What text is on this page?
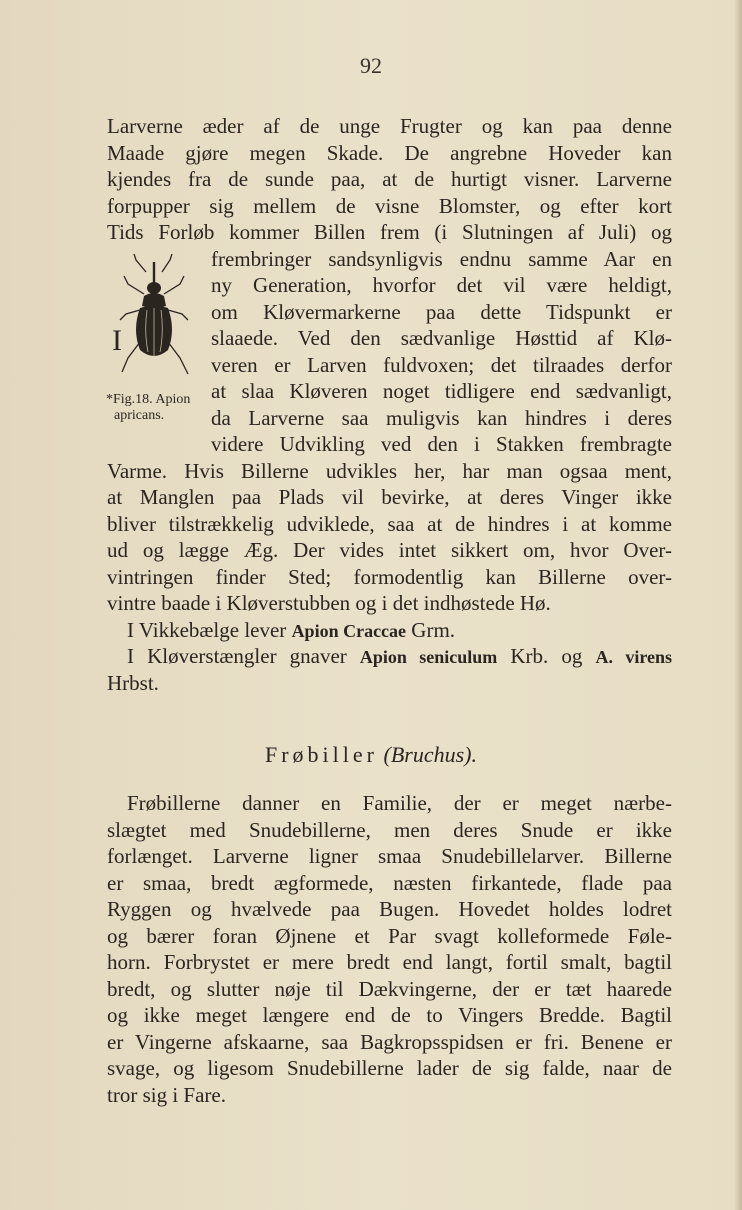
92
Larverne æder af de unge Frugter og kan paa denne
Maade gjøre megen Skade. De angrebne Hoveder kan
kjendes fra de sunde paa, at de hurtigt visner. Larverne
forpupper sig mellem de visne Blomster, og efter kort
Tids Forløb kommer Billen frem (i Slutningen af Juli) og
frembringer sandsynligvis endnu samme Aar en
ny Generation, hvorfor det vil være heldigt,
om Kløvermarkerne paa dette Tidspunkt er
slaaede. Ved den sædvanlige Høsttid af Klø-
veren er Larven fuldvoxen; det tilraades derfor
at slaa Kløveren noget tidligere end sædvanligt,
da Larverne saa muligvis kan hindres i deres
videre Udvikling ved den i Stakken frembragte
Varme. Hvis Billerne udvikles her, har man ogsaa ment,
at Manglen paa Plads vil bevirke, at deres Vinger ikke
bliver tilstrækkelig udviklede, saa at de hindres i at komme
ud og lægge Æg. Der vides intet sikkert om, hvor Over-
vintringen finder Sted; formodentlig kan Billerne over-
vintre baade i Kløverstubben og i det indhøstede Hø.
I Vikkebælge lever Apion Craccae Grm.
I Kløverstængler gnaver Apion seniculum Krb. og A. virens
Hrbst.
I
*Fig.18. Apion
apricans.
Frøbiller (Bruchus).
Frøbillerne danner en Familie, der er meget nærbe-
slægtet med Snudebillerne, men deres Snude er ikke
forlænget. Larverne ligner smaa Snudebillelarver. Billerne
er smaa, bredt ægformede, næsten firkantede, flade paa
Ryggen og hvælvede paa Bugen. Hovedet holdes lodret
og bærer foran Øjnene et Par svagt kolleformede Føle-
horn. Forbrystet er mere bredt end langt, fortil smalt, bagtil
bredt, og slutter nøje til Dækvingerne, der er tæt haarede
og ikke meget længere end de to Vingers Bredde. Bagtil
er Vingerne afskaarne, saa Bagkropsspidsen er fri. Benene er
svage, og ligesom Snudebillerne lader de sig falde, naar de
tror sig i Fare.
